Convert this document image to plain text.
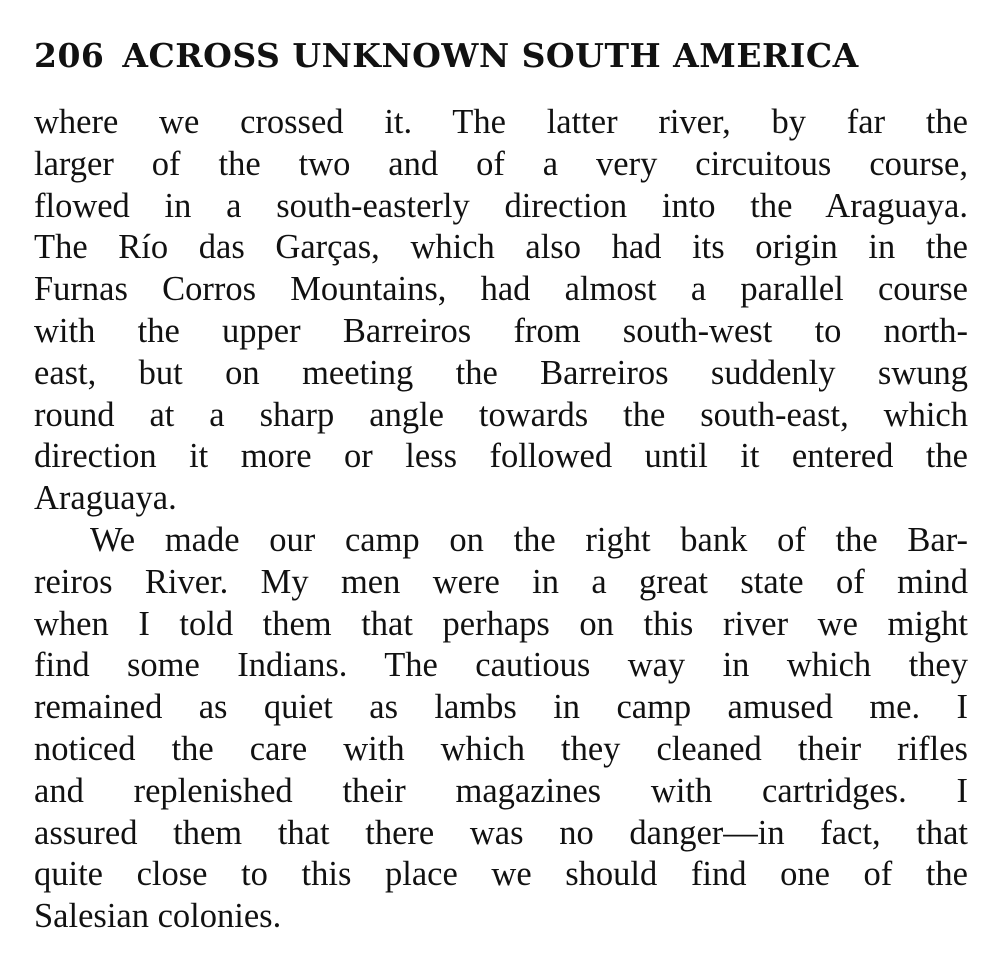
206 ACROSS UNKNOWN SOUTH AMERICA
where we crossed it. The latter river, by far the
larger of the two and of a very circuitous course,
flowed in a south-easterly direction into the Araguaya.
The Río das Garças, which also had its origin in the
Furnas Corros Mountains, had almost a parallel course
with the upper Barreiros from south-west to north-
east, but on meeting the Barreiros suddenly swung
round at a sharp angle towards the south-east, which
direction it more or less followed until it entered the
Araguaya.
We made our camp on the right bank of the Bar-
reiros River. My men were in a great state of mind
when I told them that perhaps on this river we might
find some Indians. The cautious way in which they
remained as quiet as lambs in camp amused me. I
noticed the care with which they cleaned their rifles
and replenished their magazines with cartridges. I
assured them that there was no danger—in fact, that
quite close to this place we should find one of the
Salesian colonies.
